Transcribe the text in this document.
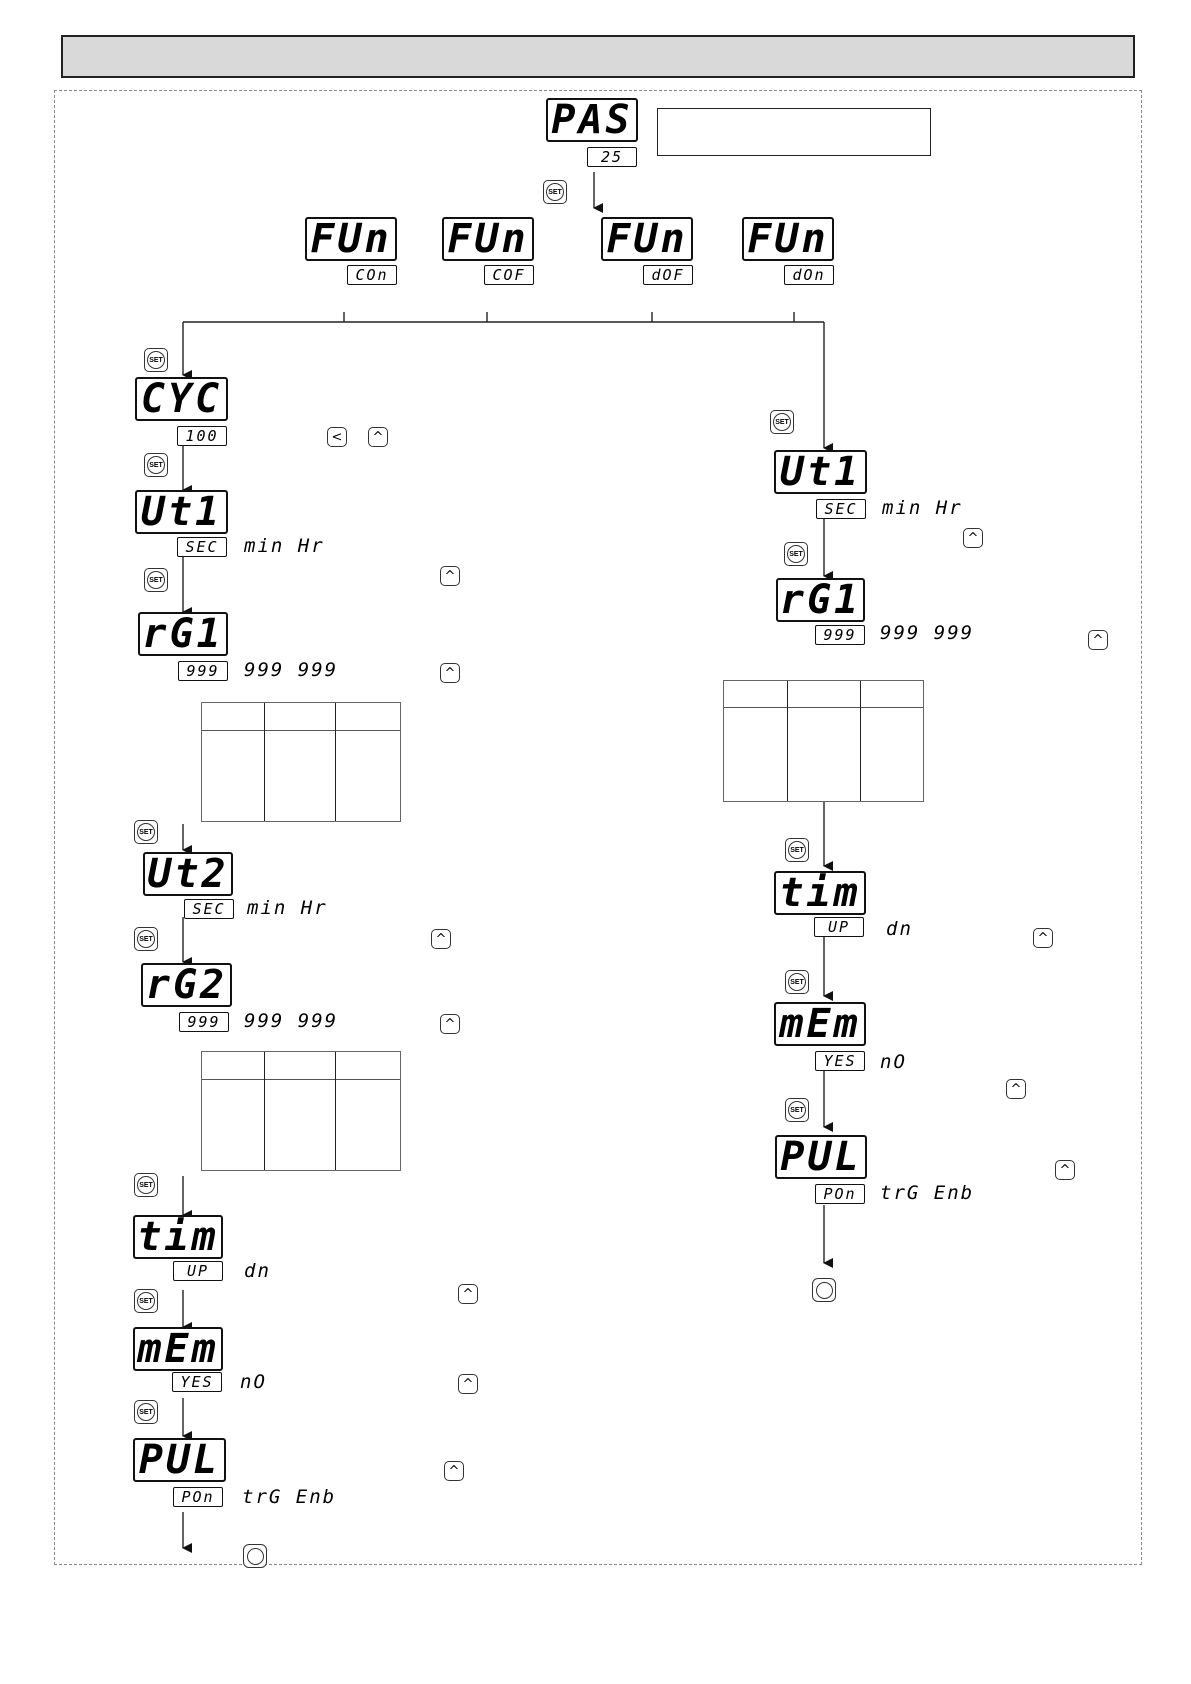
PAS
25
SET
FUn
COn
FUn
COF
FUn
dOF
FUn
dOn
SET
CYC
100	< ^
SET
Ut1
SEC	min Hr
SET	^
rG1
999	999 999	^
SET
Ut2
SEC	min Hr
SET	^
rG2
999	999 999	^
SET
tim
UP	dn
SET	^
mEm
YES	nO
SET
^
PUL
POn	trG Enb
^
SET
Ut1
SEC	min Hr
SET
^
rG1
999	999 999	^
SET
tim
UP	dn	^
SET
mEm
YES	nO
^
SET
PUL
POn	trG Enb
^
